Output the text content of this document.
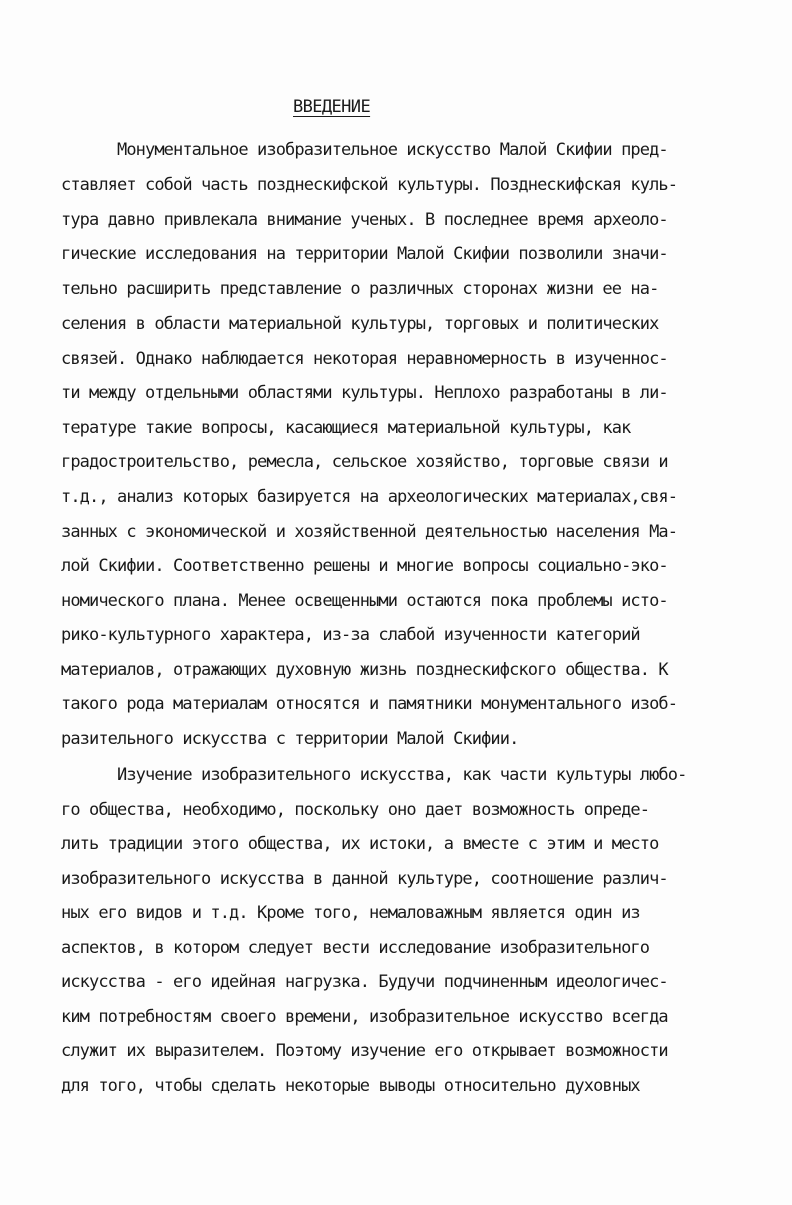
ВВЕДЕНИЕ
Монументальное изобразительное искусство Малой Скифии пред-
ставляет собой часть позднескифской культуры. Позднескифская куль-
тура давно привлекала внимание ученых. В последнее время археоло-
гические исследования на территории Малой Скифии позволили значи-
тельно расширить представление о различных сторонах жизни ее на-
селения в области материальной культуры, торговых и политических
связей. Однако наблюдается некоторая неравномерность в изученнос-
ти между отдельными областями культуры. Неплохо разработаны в ли-
тературе такие вопросы, касающиеся материальной культуры, как
градостроительство, ремесла, сельское хозяйство, торговые связи и
т.д., анализ которых базируется на археологических материалах,свя-
занных с экономической и хозяйственной деятельностью населения Ма-
лой Скифии. Соответственно решены и многие вопросы социально-эко-
номического плана. Менее освещенными остаются пока проблемы исто-
рико-культурного характера, из-за слабой изученности категорий
материалов, отражающих духовную жизнь позднескифского общества. К
такого рода материалам относятся и памятники монументального изоб-
разительного искусства с территории Малой Скифии.
Изучение изобразительного искусства, как части культуры любо-
го общества, необходимо, поскольку оно дает возможность опреде-
лить традиции этого общества, их истоки, а вместе с этим и место
изобразительного искусства в данной культуре, соотношение различ-
ных его видов и т.д. Кроме того, немаловажным является один из
аспектов, в котором следует вести исследование изобразительного
искусства - его идейная нагрузка. Будучи подчиненным идеологичес-
ким потребностям своего времени, изобразительное искусство всегда
служит их выразителем. Поэтому изучение его открывает возможности
для того, чтобы сделать некоторые выводы относительно духовных
